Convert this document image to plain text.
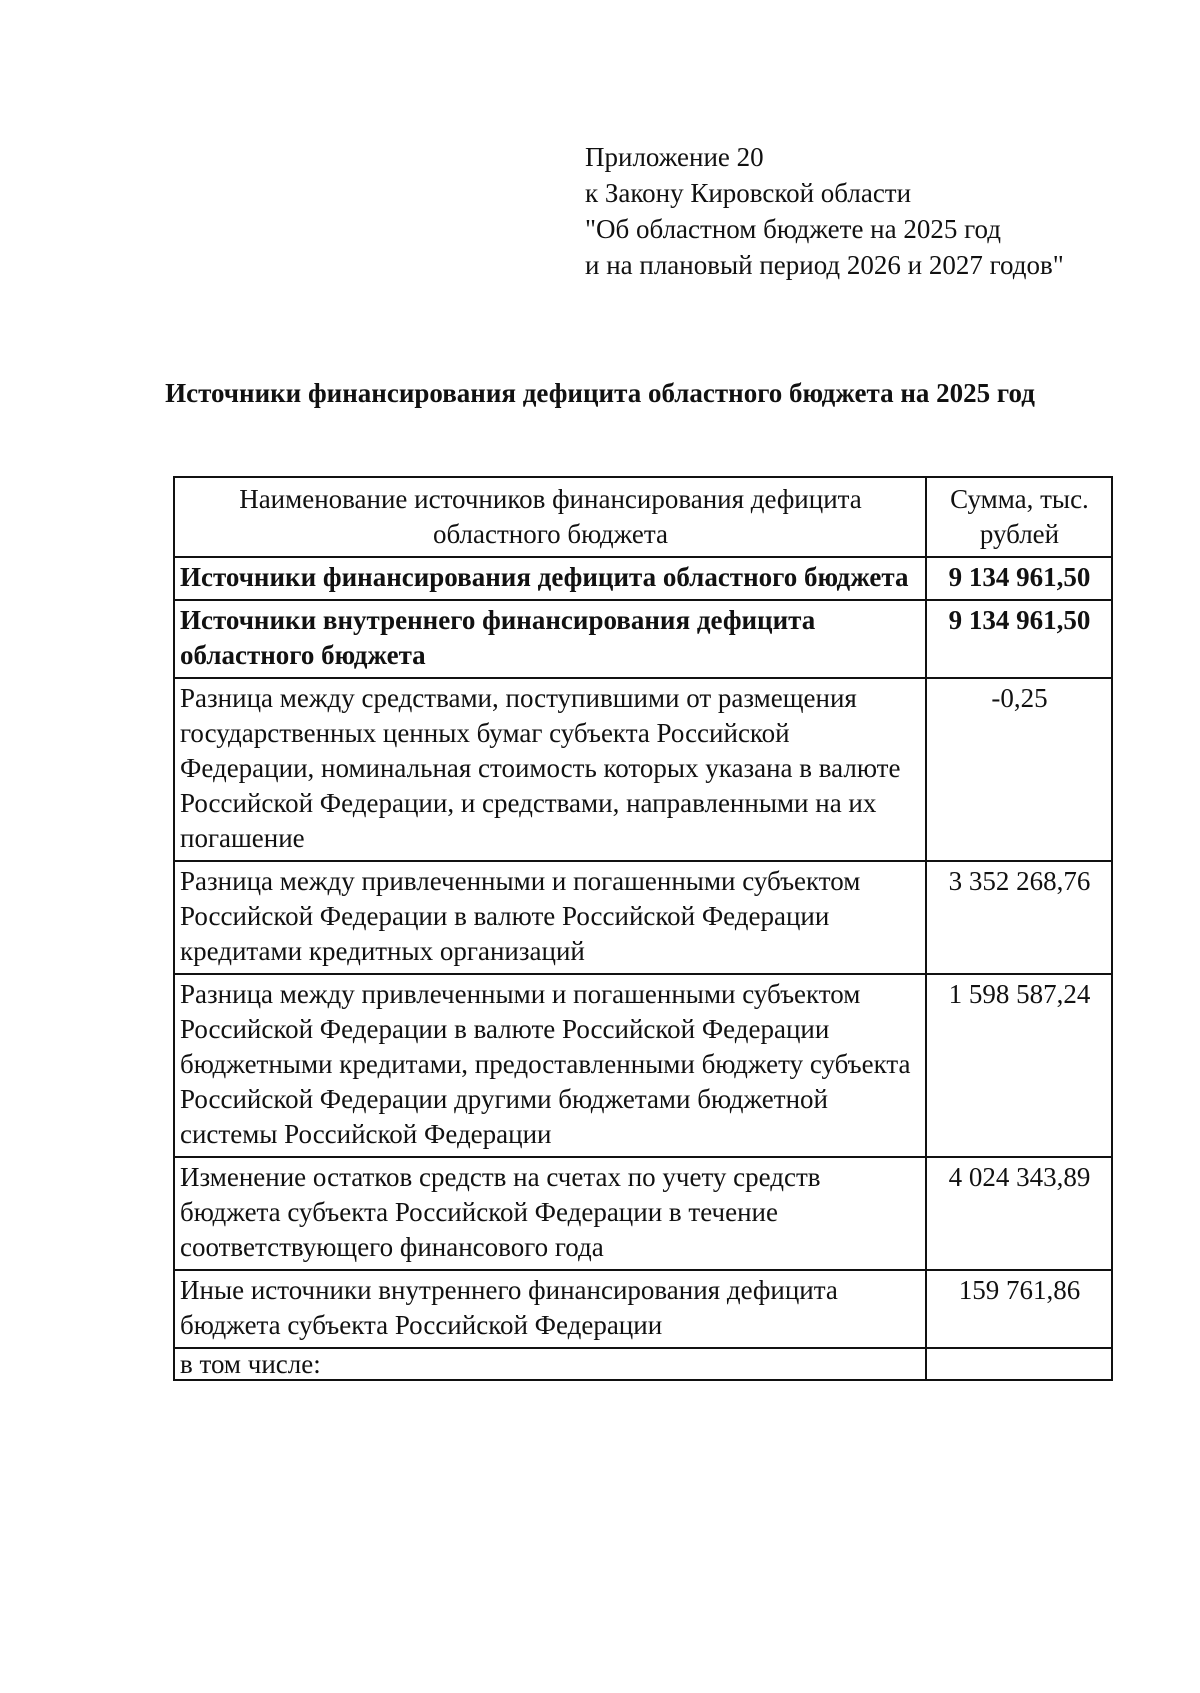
Приложение 20
к Закону Кировской области
"Об областном бюджете на 2025 год
и на плановый период 2026 и 2027 годов"
Источники финансирования дефицита областного бюджета на 2025 год
Наименование источников финансирования дефицита областного бюджета	Сумма, тыс. рублей
Источники финансирования дефицита областного бюджета	9 134 961,50
Источники внутреннего финансирования дефицита областного бюджета	9 134 961,50
Разница между средствами, поступившими от размещения государственных ценных бумаг субъекта Российской Федерации, номинальная стоимость которых указана в валюте Российской Федерации, и средствами, направленными на их погашение	-0,25
Разница между привлеченными и погашенными субъектом Российской Федерации в валюте Российской Федерации кредитами кредитных организаций	3 352 268,76
Разница между привлеченными и погашенными субъектом Российской Федерации в валюте Российской Федерации бюджетными кредитами, предоставленными бюджету субъекта Российской Федерации другими бюджетами бюджетной системы Российской Федерации	1 598 587,24
Изменение остатков средств на счетах по учету средств бюджета субъекта Российской Федерации в течение соответствующего финансового года	4 024 343,89
Иные источники внутреннего финансирования дефицита бюджета субъекта Российской Федерации	159 761,86
в том числе:	
